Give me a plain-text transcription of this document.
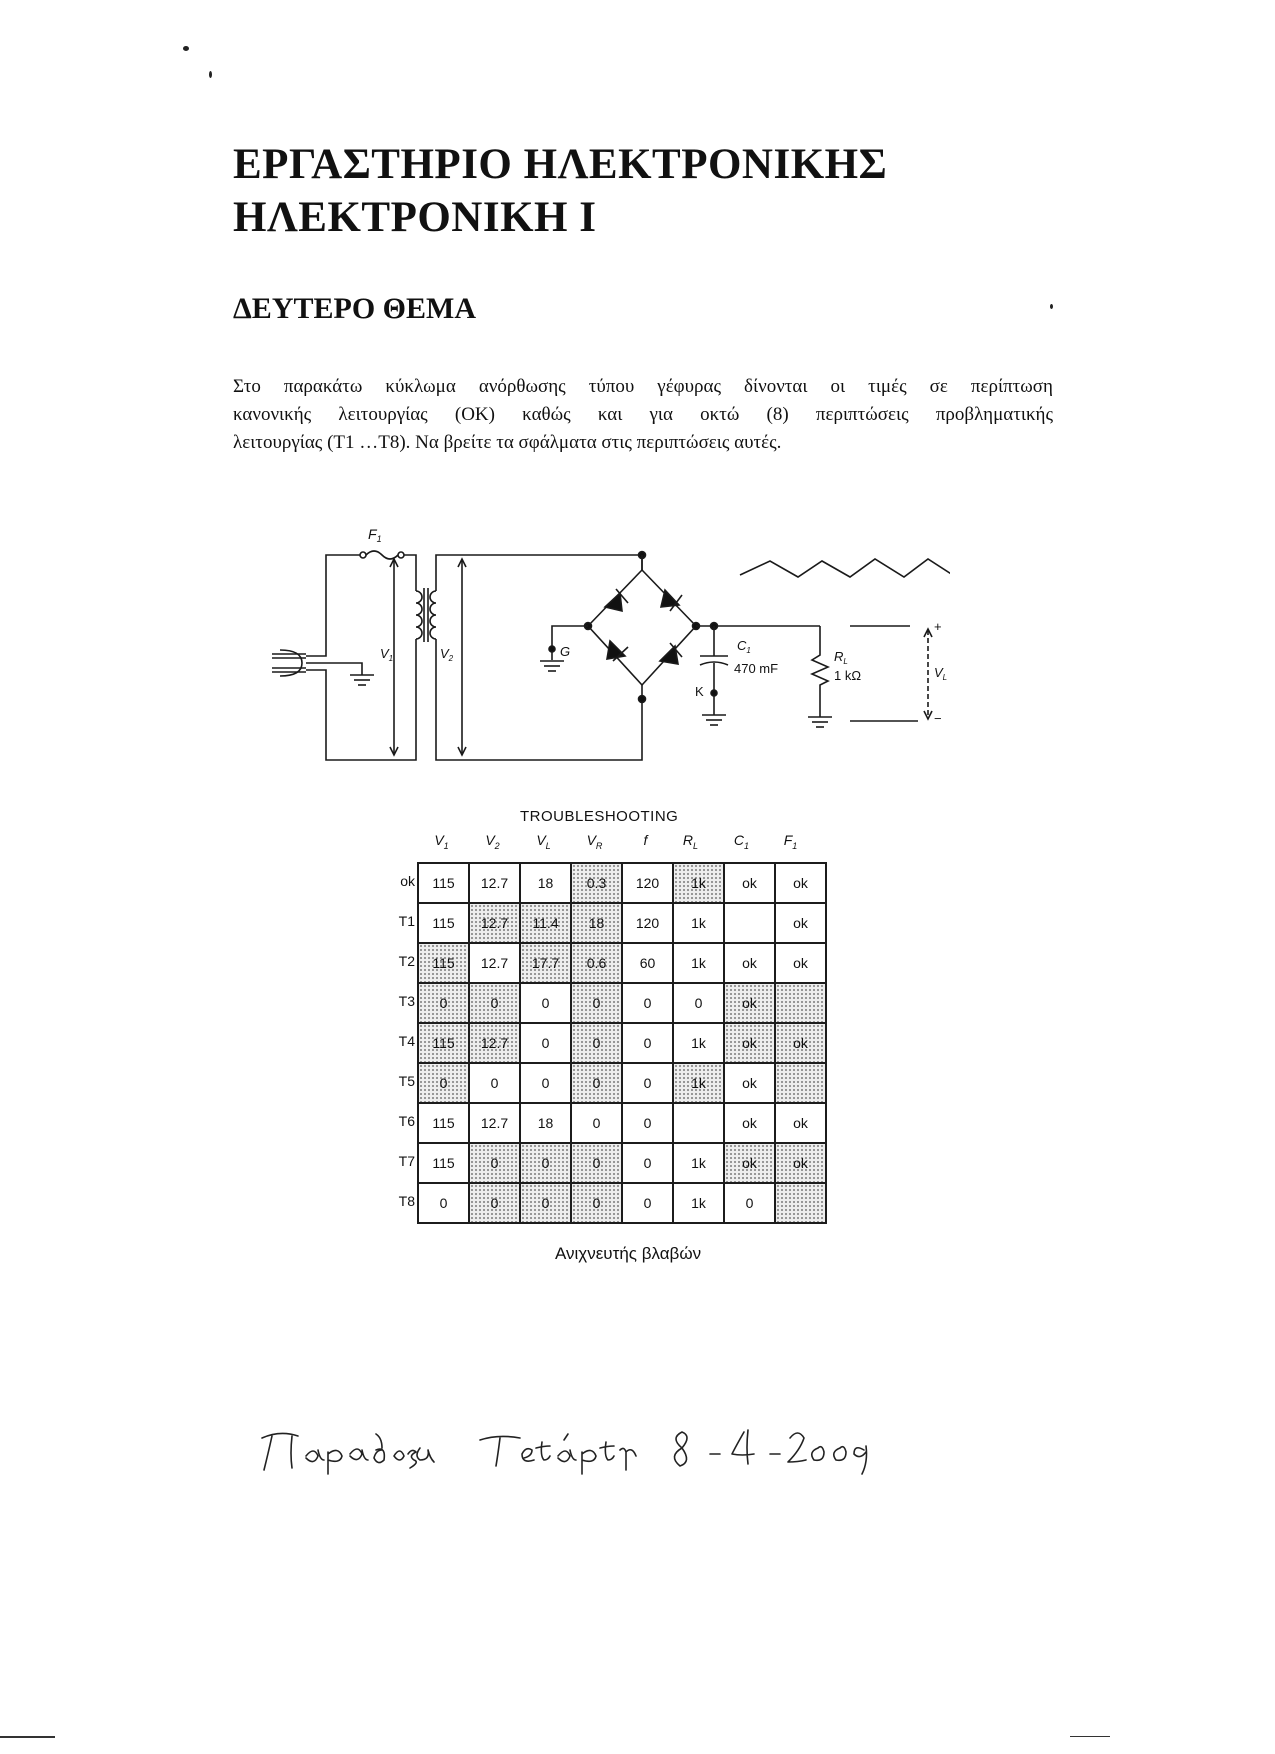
ΕΡΓΑΣΤΗΡΙΟ ΗΛΕΚΤΡΟΝΙΚΗΣ
ΗΛΕΚΤΡΟΝΙΚΗ Ι
ΔΕΥΤΕΡΟ ΘΕΜΑ

Στο παρακάτω κύκλωμα ανόρθωσης τύπου γέφυρας δίνονται οι τιμές σε περίπτωση

κανονικής λειτουργίας (ΟΚ) καθώς και για οκτώ (8) περιπτώσεις προβληματικής

λειτουργίας (Τ1 …Τ8). Να βρείτε τα σφάλματα στις περιπτώσεις αυτές.

$F_1$
$V_1$	$V_2$	G	$C_1$
470 mF
K
$R_L$
1 kΩ
+
−
$V_L$
TROUBLESHOOTING
$V_1$	$V_2$	$V_L$	$V_R$	f	$R_L$	$C_1$	$F_1$
ok
T1
T2
T3
T4
T5
T6
T7
T8
115	12.7	18	0.3	120	1k	ok	ok
115	12.7	11.4	18	120	1k		ok
115	12.7	17.7	0.6	60	1k	ok	ok
0	0	0	0	0	0	ok	
115	12.7	0	0	0	1k	ok	ok
0	0	0	0	0	1k	ok	
115	12.7	18	0	0		ok	ok
115	0	0	0	0	1k	ok	ok
0	0	0	0	0	1k	0	
Ανιχνευτής βλαβών
